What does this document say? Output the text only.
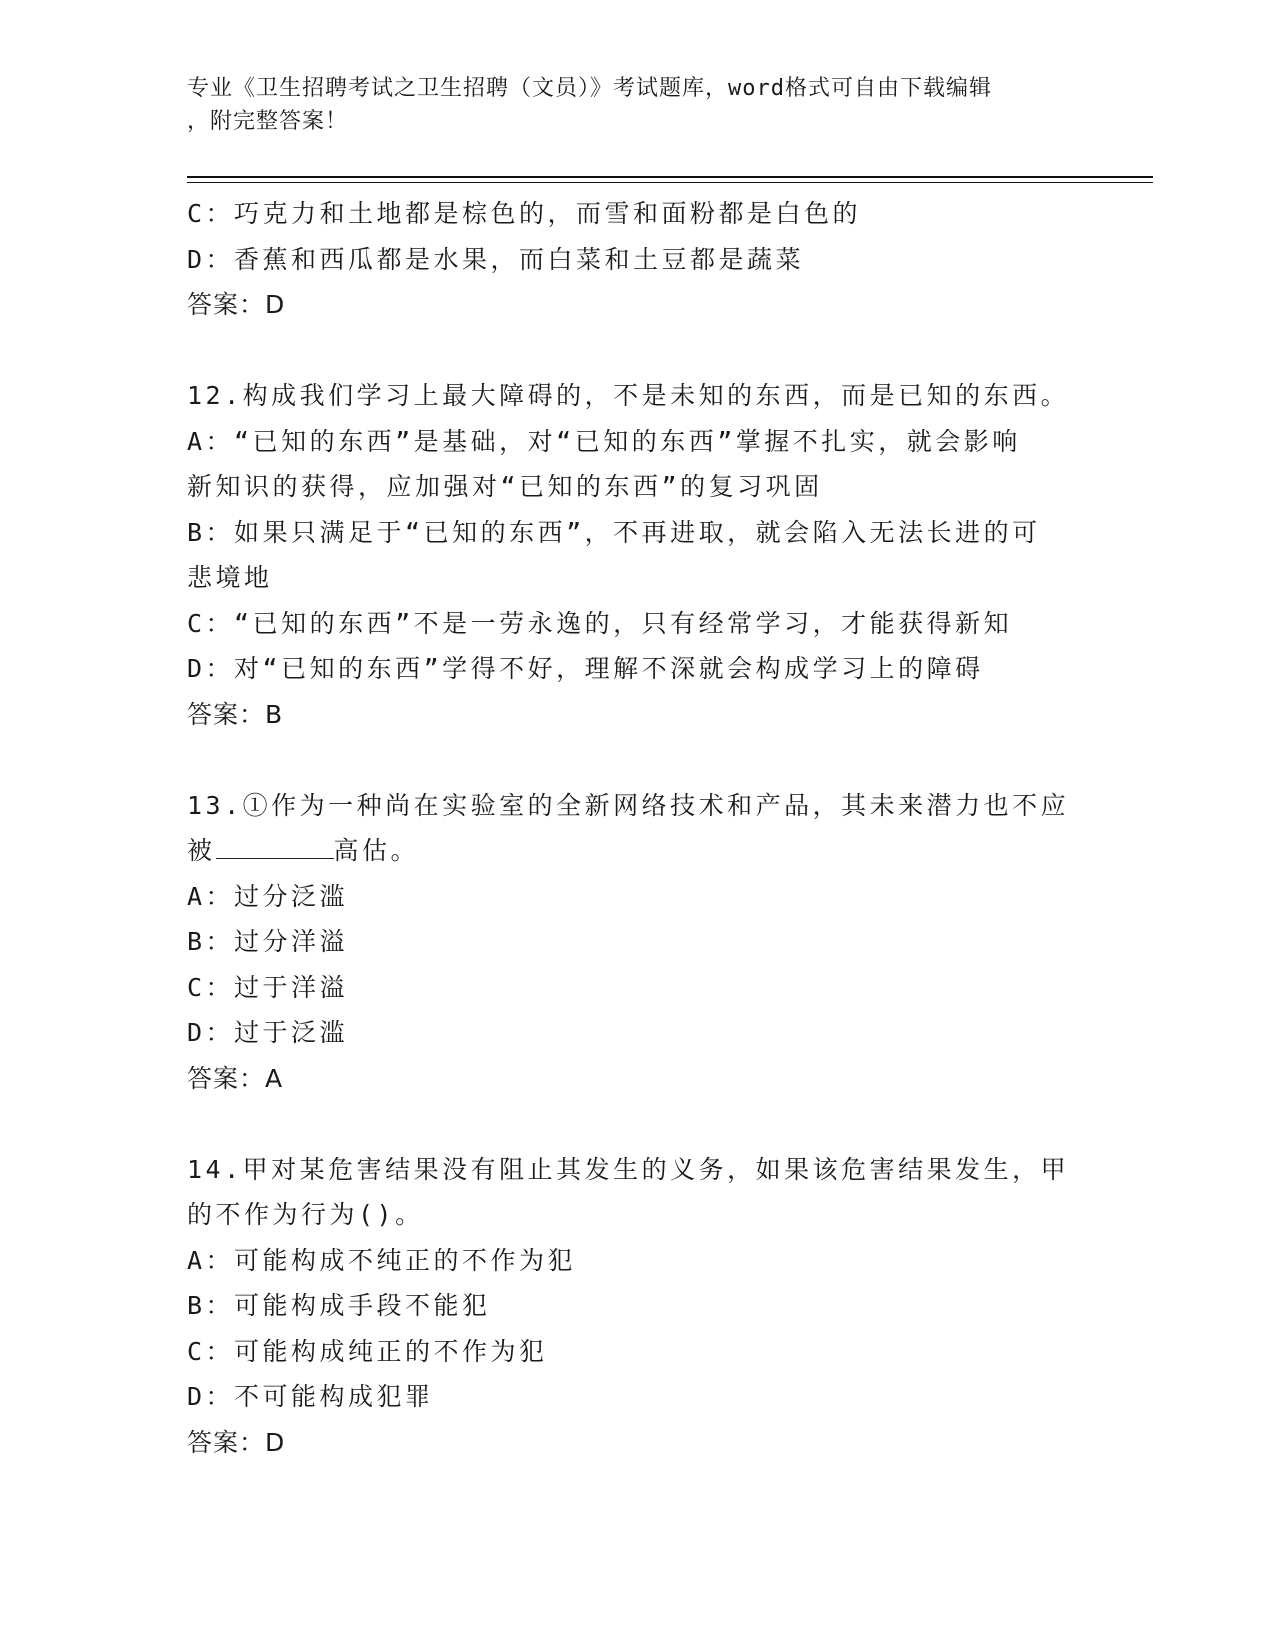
专业《卫生招聘考试之卫生招聘（文员）》考试题库，word格式可自由下载编辑
，附完整答案！
C：巧克力和土地都是棕色的，而雪和面粉都是白色的
D：香蕉和西瓜都是水果，而白菜和土豆都是蔬菜
答案：D
12.构成我们学习上最大障碍的，不是未知的东西，而是已知的东西。
A：“已知的东西”是基础，对“已知的东西”掌握不扎实，就会影响
新知识的获得，应加强对“已知的东西”的复习巩固
B：如果只满足于“已知的东西”，不再进取，就会陷入无法长进的可
悲境地
C：“已知的东西”不是一劳永逸的，只有经常学习，才能获得新知
D：对“已知的东西”学得不好，理解不深就会构成学习上的障碍
答案：B
13.①作为一种尚在实验室的全新网络技术和产品，其未来潜力也不应
被	高估。
A：过分泛滥
B：过分洋溢
C：过于洋溢
D：过于泛滥
答案：A
14.甲对某危害结果没有阻止其发生的义务，如果该危害结果发生，甲
的不作为行为()。
A：可能构成不纯正的不作为犯
B：可能构成手段不能犯
C：可能构成纯正的不作为犯
D：不可能构成犯罪
答案：D
